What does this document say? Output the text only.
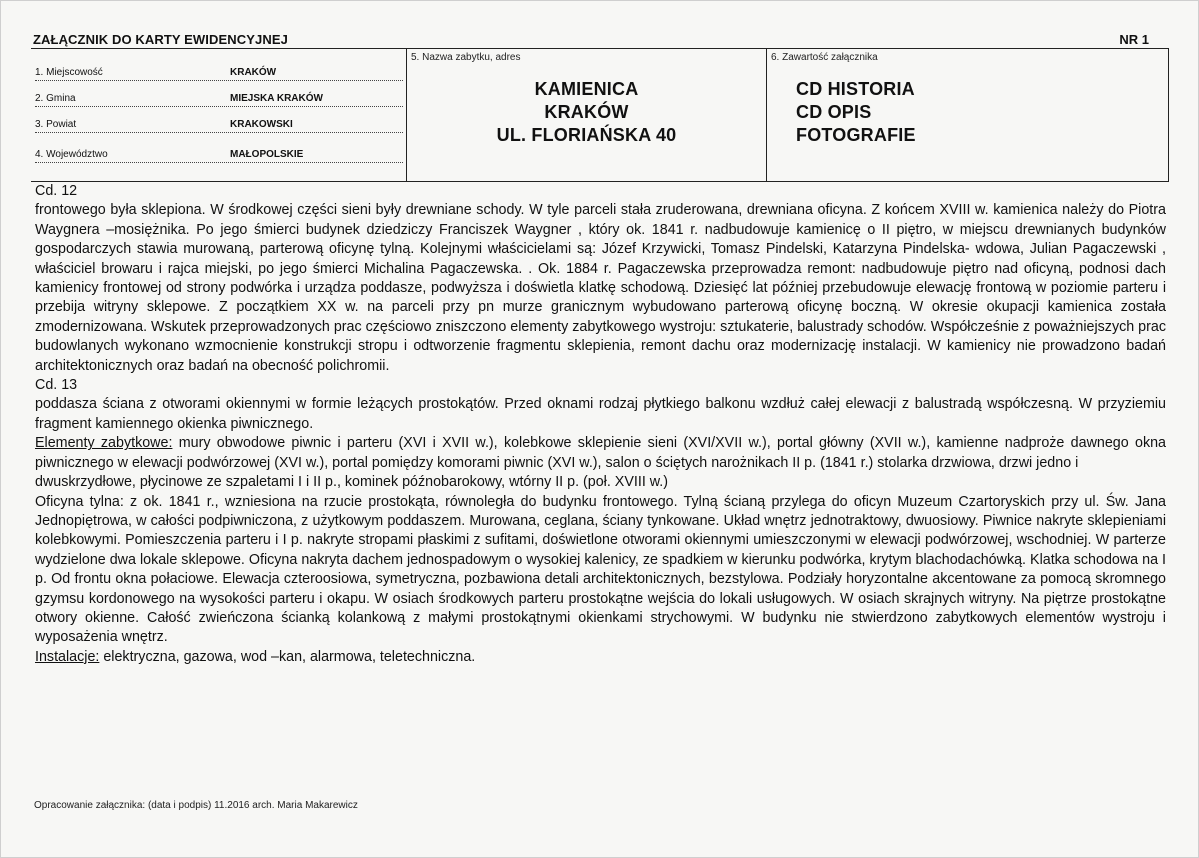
ZAŁĄCZNIK DO KARTY EWIDENCYJNEJ	NR 1
1. Miejscowość	KRAKÓW
2. Gmina	MIEJSKA KRAKÓW
3. Powiat	KRAKOWSKI
4. Województwo	MAŁOPOLSKIE
5. Nazwa zabytku, adres
KAMIENICA
KRAKÓW
UL. FLORIAŃSKA 40
6. Zawartość załącznika
CD HISTORIA
CD OPIS
FOTOGRAFIE

Cd. 12

frontowego była sklepiona. W środkowej części sieni były drewniane schody. W tyle parceli stała zruderowana, drewniana oficyna. Z końcem XVIII w. kamienica należy do Piotra Waygnera –mosiężnika. Po jego śmierci budynek dziedziczy Franciszek Waygner , który ok. 1841 r. nadbudowuje kamienicę o II piętro, w miejscu drewnianych budynków gospodarczych stawia murowaną, parterową oficynę tylną. Kolejnymi właścicielami są: Józef Krzywicki, Tomasz Pindelski, Katarzyna Pindelska- wdowa, Julian Pagaczewski , właściciel browaru i rajca miejski, po jego śmierci Michalina Pagaczewska. . Ok. 1884 r. Pagaczewska przeprowadza remont: nadbudowuje piętro nad oficyną, podnosi dach kamienicy frontowej od strony podwórka i urządza poddasze, podwyższa i doświetla klatkę schodową. Dziesięć lat później przebudowuje elewację frontową w poziomie parteru i przebija witryny sklepowe. Z początkiem XX w. na parceli przy pn murze granicznym wybudowano parterową oficynę boczną. W okresie okupacji kamienica została zmodernizowana. Wskutek przeprowadzonych prac częściowo zniszczono elementy zabytkowego wystroju: sztukaterie, balustrady schodów. Współcześnie z poważniejszych prac budowlanych wykonano wzmocnienie konstrukcji stropu i odtworzenie fragmentu sklepienia, remont dachu oraz modernizację instalacji. W kamienicy nie prowadzono badań architektonicznych oraz badań na obecność polichromii.

Cd. 13

poddasza ściana z otworami okiennymi w formie leżących prostokątów. Przed oknami rodzaj płytkiego balkonu wzdłuż całej elewacji z balustradą współczesną. W przyziemiu fragment kamiennego okienka piwnicznego.

Elementy zabytkowe: mury obwodowe piwnic i parteru (XVI i XVII w.), kolebkowe sklepienie sieni (XVI/XVII w.), portal główny (XVII w.), kamienne nadproże dawnego okna piwnicznego w elewacji podwórzowej (XVI w.), portal pomiędzy komorami piwnic (XVI w.), salon o ściętych narożnikach II p. (1841 r.) stolarka drzwiowa, drzwi jedno i

dwuskrzydłowe, płycinowe ze szpaletami I i II p., kominek późnobarokowy, wtórny II p. (poł. XVIII w.)

Oficyna tylna: z ok. 1841 r., wzniesiona na rzucie prostokąta, równoległa do budynku frontowego. Tylną ścianą przylega do oficyn Muzeum Czartoryskich przy ul. Św. Jana Jednopiętrowa, w całości podpiwniczona, z użytkowym poddaszem. Murowana, ceglana, ściany tynkowane. Układ wnętrz jednotraktowy, dwuosiowy. Piwnice nakryte sklepieniami kolebkowymi. Pomieszczenia parteru i I p. nakryte stropami płaskimi z sufitami, doświetlone otworami okiennymi umieszczonymi w elewacji podwórzowej, wschodniej. W parterze wydzielone dwa lokale sklepowe. Oficyna nakryta dachem jednospadowym o wysokiej kalenicy, ze spadkiem w kierunku podwórka, krytym blachodachówką. Klatka schodowa na I p. Od frontu okna połaciowe. Elewacja czteroosiowa, symetryczna, pozbawiona detali architektonicznych, bezstylowa. Podziały horyzontalne akcentowane za pomocą skromnego gzymsu kordonowego na wysokości parteru i okapu. W osiach środkowych parteru prostokątne wejścia do lokali usługowych. W osiach skrajnych witryny. Na piętrze prostokątne otwory okienne. Całość zwieńczona ścianką kolankową z małymi prostokątnymi okienkami strychowymi. W budynku nie stwierdzono zabytkowych elementów wystroju i wyposażenia wnętrz.

Instalacje: elektryczna, gazowa, wod –kan, alarmowa, teletechniczna.

Opracowanie załącznika: (data i podpis) 11.2016 arch. Maria Makarewicz
